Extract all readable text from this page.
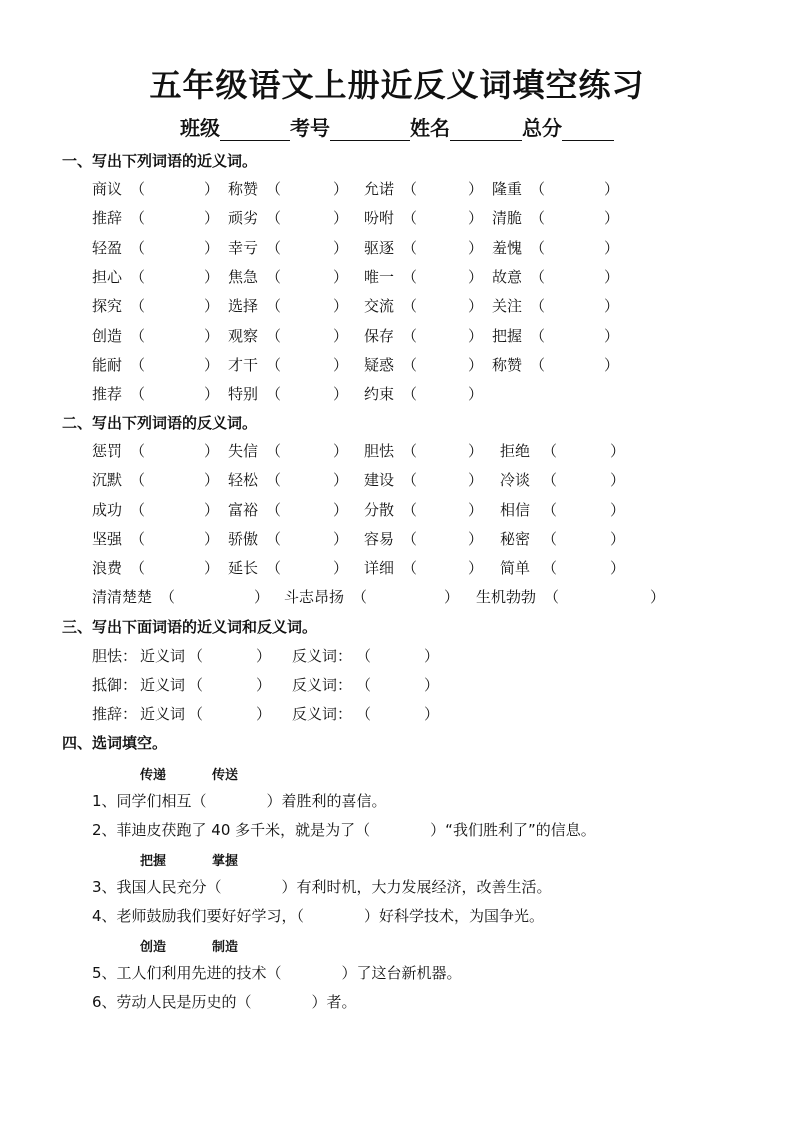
五年级语文上册近反义词填空练习
班级	考号	姓名	总分
一、写出下列词语的近义词。
商议 （	） 称赞 （	） 允诺 （	） 隆重 （	）
推辞 （	） 顽劣 （	） 吩咐 （	） 清脆 （	）
轻盈 （	） 幸亏 （	） 驱逐 （	） 羞愧 （	）
担心 （	） 焦急 （	） 唯一 （	） 故意 （	）
探究 （	） 选择 （	） 交流 （	） 关注 （	）
创造 （	） 观察 （	） 保存 （	） 把握 （	）
能耐 （	） 才干 （	） 疑惑 （	） 称赞 （	）
推荐 （	） 特别 （	） 约束 （	）
二、写出下列词语的反义词。
惩罚 （	） 失信 （	） 胆怯 （	） 拒绝 （	）
沉默 （	） 轻松 （	） 建设 （	） 冷谈 （	）
成功 （	） 富裕 （	） 分散 （	） 相信 （	）
坚强 （	） 骄傲 （	） 容易 （	） 秘密 （	）
浪费 （	） 延长 （	） 详细 （	） 简单 （	）
清清楚楚 （	） 斗志昂扬 （	） 生机勃勃 （	）
三、写出下面词语的近义词和反义词。
胆怯： 近义词 （	） 反义词： （	）
抵御： 近义词 （	） 反义词： （	）
推辞： 近义词 （	） 反义词： （	）
四、选词填空。
传递	传送
1、同学们相互（　　　　）着胜利的喜信。
2、菲迪皮茯跑了 40 多千米，就是为了（　　　　）“我们胜利了”的信息。
把握	掌握
3、我国人民充分（　　　　）有利时机，大力发展经济，改善生活。
4、老师鼓励我们要好好学习，（　　　　）好科学技术，为国争光。
创造	制造
5、工人们利用先进的技术（　　　　）了这台新机器。
6、劳动人民是历史的（　　　　）者。
